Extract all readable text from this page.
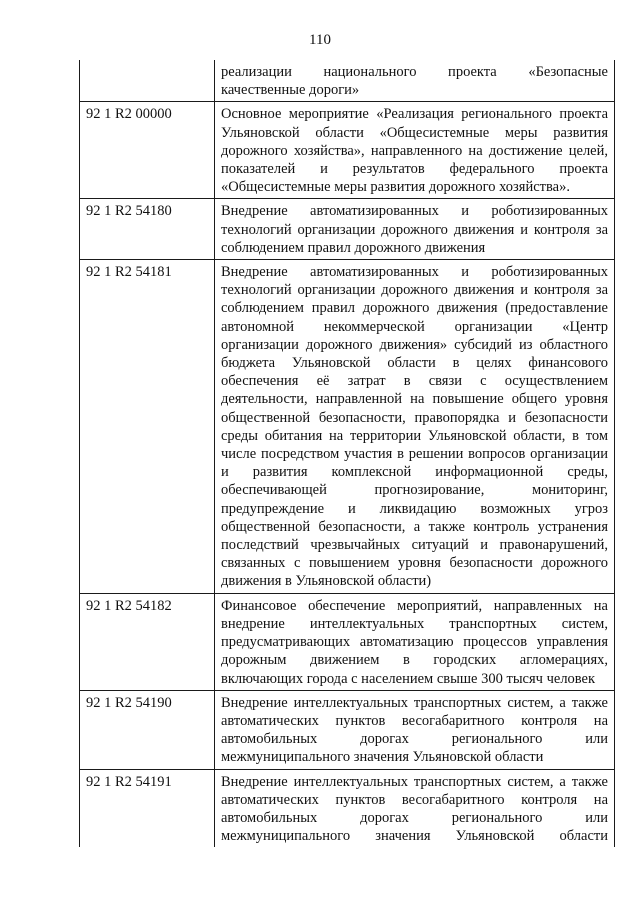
110
	реализации национального проекта «Безопасные качественные дороги»
92 1 R2 00000	Основное мероприятие «Реализация регионального проекта Ульяновской области «Общесистемные меры развития дорожного хозяйства», направленного на достижение целей, показателей и результатов федерального проекта «Общесистемные меры развития дорожного хозяйства».
92 1 R2 54180	Внедрение автоматизированных и роботизированных технологий организации дорожного движения и контроля за соблюдением правил дорожного движения
92 1 R2 54181	Внедрение автоматизированных и роботизированных технологий организации дорожного движения и контроля за соблюдением правил дорожного движения (предоставление автономной некоммерческой организации «Центр организации дорожного движения» субсидий из областного бюджета Ульяновской области в целях финансового обеспечения её затрат в связи с осуществлением деятельности, направленной на повышение общего уровня общественной безопасности, правопорядка и безопасности среды обитания на территории Ульяновской области, в том числе посредством участия в решении вопросов организации и развития комплексной информационной среды, обеспечивающей прогнозирование, мониторинг, предупреждение и ликвидацию возможных угроз общественной безопасности, а также контроль устранения последствий чрезвычайных ситуаций и правонарушений, связанных с повышением уровня безопасности дорожного движения в Ульяновской области)
92 1 R2 54182	Финансовое обеспечение мероприятий, направленных на внедрение интеллектуальных транспортных систем, предусматривающих автоматизацию процессов управления дорожным движением в городских агломерациях, включающих города с населением свыше 300 тысяч человек
92 1 R2 54190	Внедрение интеллектуальных транспортных систем, а также автоматических пунктов весогабаритного контроля на автомобильных дорогах регионального или межмуниципального значения Ульяновской области
92 1 R2 54191	Внедрение интеллектуальных транспортных систем, а также автоматических пунктов весогабаритного контроля на автомобильных дорогах регионального или межмуниципального значения Ульяновской области
